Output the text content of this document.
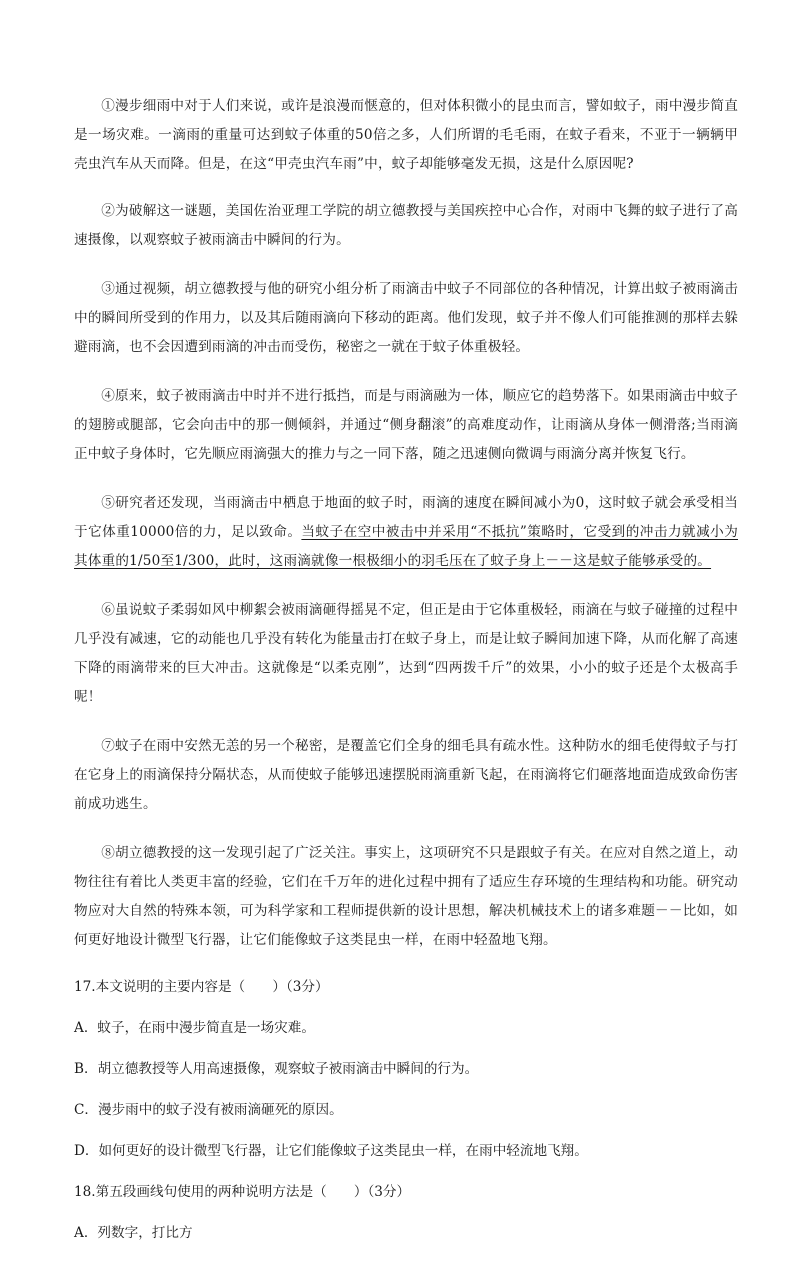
①漫步细雨中对于人们来说，或许是浪漫而惬意的，但对体积微小的昆虫而言，譬如蚊子，雨中漫步简直是一场灾难。一滴雨的重量可达到蚊子体重的50倍之多，人们所谓的毛毛雨，在蚊子看来，不亚于一辆辆甲壳虫汽车从天而降。但是，在这“甲壳虫汽车雨”中，蚊子却能够毫发无损，这是什么原因呢?

②为破解这一谜题，美国佐治亚理工学院的胡立德教授与美国疾控中心合作，对雨中飞舞的蚊子进行了高速摄像，以观察蚊子被雨滴击中瞬间的行为。

③通过视频，胡立德教授与他的研究小组分析了雨滴击中蚊子不同部位的各种情况，计算出蚊子被雨滴击中的瞬间所受到的作用力，以及其后随雨滴向下移动的距离。他们发现，蚊子并不像人们可能推测的那样去躲避雨滴，也不会因遭到雨滴的冲击而受伤，秘密之一就在于蚊子体重极轻。

④原来，蚊子被雨滴击中时并不进行抵挡，而是与雨滴融为一体，顺应它的趋势落下。如果雨滴击中蚊子的翅膀或腿部，它会向击中的那一侧倾斜，并通过“侧身翻滚”的高难度动作，让雨滴从身体一侧滑落;当雨滴正中蚊子身体时，它先顺应雨滴强大的推力与之一同下落，随之迅速侧向微调与雨滴分离并恢复飞行。

⑤研究者还发现，当雨滴击中栖息于地面的蚊子时，雨滴的速度在瞬间减小为0，这时蚊子就会承受相当于它体重10000倍的力，足以致命。当蚊子在空中被击中并采用“不抵抗”策略时，它受到的冲击力就减小为其体重的1/50至1/300，此时，这雨滴就像一根极细小的羽毛压在了蚊子身上－－这是蚊子能够承受的。

⑥虽说蚊子柔弱如风中柳絮会被雨滴砸得摇晃不定，但正是由于它体重极轻，雨滴在与蚊子碰撞的过程中几乎没有减速，它的动能也几乎没有转化为能量击打在蚊子身上，而是让蚊子瞬间加速下降，从而化解了高速下降的雨滴带来的巨大冲击。这就像是“以柔克刚”，达到“四两拨千斤”的效果，小小的蚊子还是个太极高手呢！

⑦蚊子在雨中安然无恙的另一个秘密，是覆盖它们全身的细毛具有疏水性。这种防水的细毛使得蚊子与打在它身上的雨滴保持分隔状态，从而使蚊子能够迅速摆脱雨滴重新飞起，在雨滴将它们砸落地面造成致命伤害前成功逃生。

⑧胡立德教授的这一发现引起了广泛关注。事实上，这项研究不只是跟蚊子有关。在应对自然之道上，动物往往有着比人类更丰富的经验，它们在千万年的进化过程中拥有了适应生存环境的生理结构和功能。研究动物应对大自然的特殊本领，可为科学家和工程师提供新的设计思想，解决机械技术上的诸多难题－－比如，如何更好地设计微型飞行器，让它们能像蚊子这类昆虫一样，在雨中轻盈地飞翔。

17.本文说明的主要内容是（　　）（3分）

A．蚊子，在雨中漫步简直是一场灾难。

B．胡立德教授等人用高速摄像，观察蚊子被雨滴击中瞬间的行为。

C．漫步雨中的蚊子没有被雨滴砸死的原因。

D．如何更好的设计微型飞行器，让它们能像蚊子这类昆虫一样，在雨中轻流地飞翔。

18.第五段画线句使用的两种说明方法是（　　）（3分）

A．列数字，打比方
